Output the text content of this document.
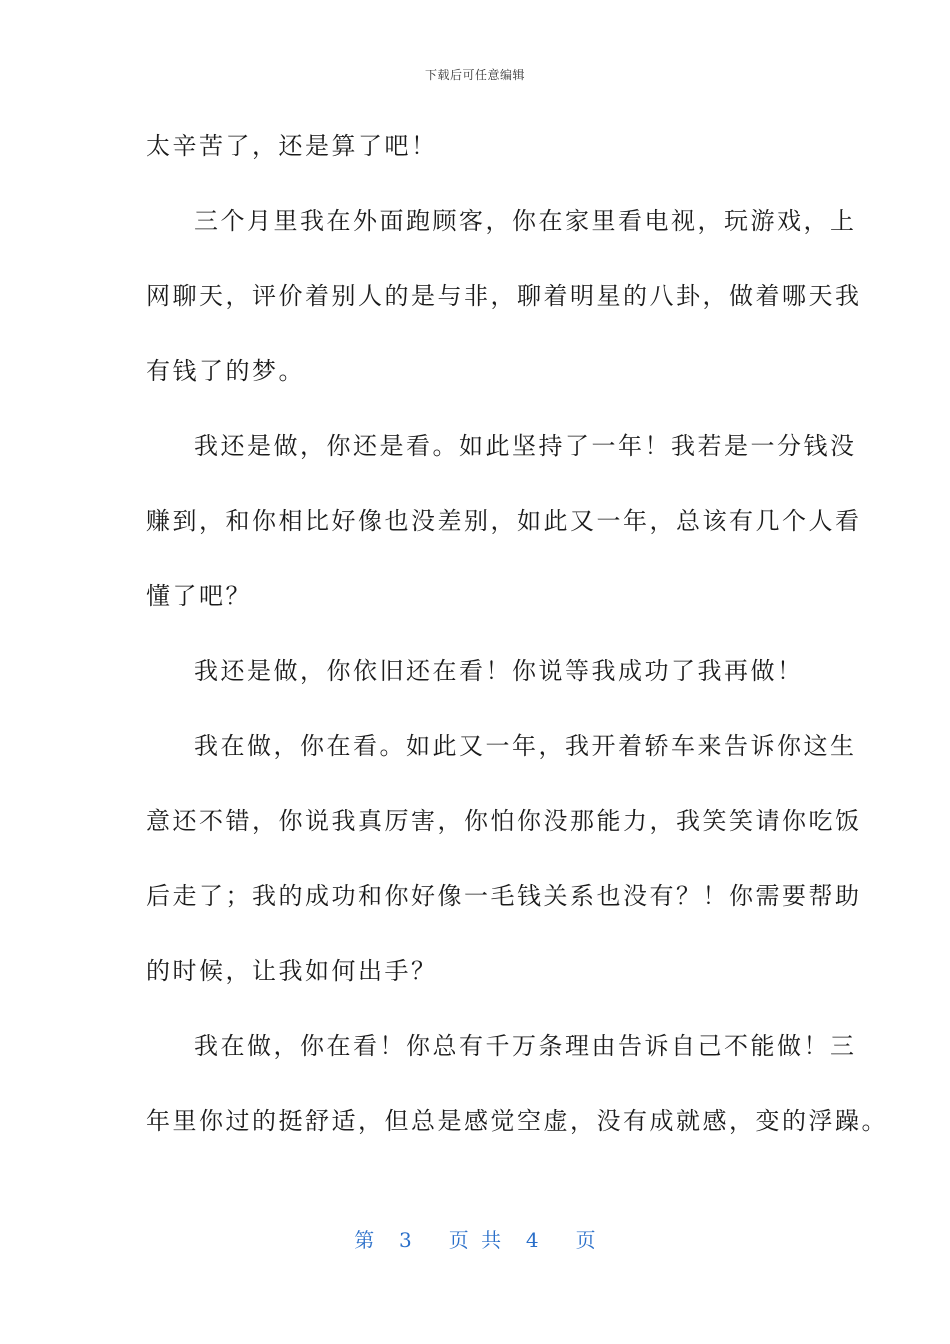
下载后可任意编辑
太辛苦了，还是算了吧！
三个月里我在外面跑顾客，你在家里看电视，玩游戏，上
网聊天，评价着别人的是与非，聊着明星的八卦，做着哪天我
有钱了的梦。
我还是做，你还是看。如此坚持了一年！我若是一分钱没
赚到，和你相比好像也没差别，如此又一年，总该有几个人看
懂了吧？
我还是做，你依旧还在看！你说等我成功了我再做！
我在做，你在看。如此又一年，我开着轿车来告诉你这生
意还不错，你说我真厉害，你怕你没那能力，我笑笑请你吃饭
后走了；我的成功和你好像一毛钱关系也没有？！你需要帮助
的时候，让我如何出手？
我在做，你在看！你总有千万条理由告诉自己不能做！三
年里你过的挺舒适，但总是感觉空虚，没有成就感，变的浮躁。
第  3   页 共  4   页
